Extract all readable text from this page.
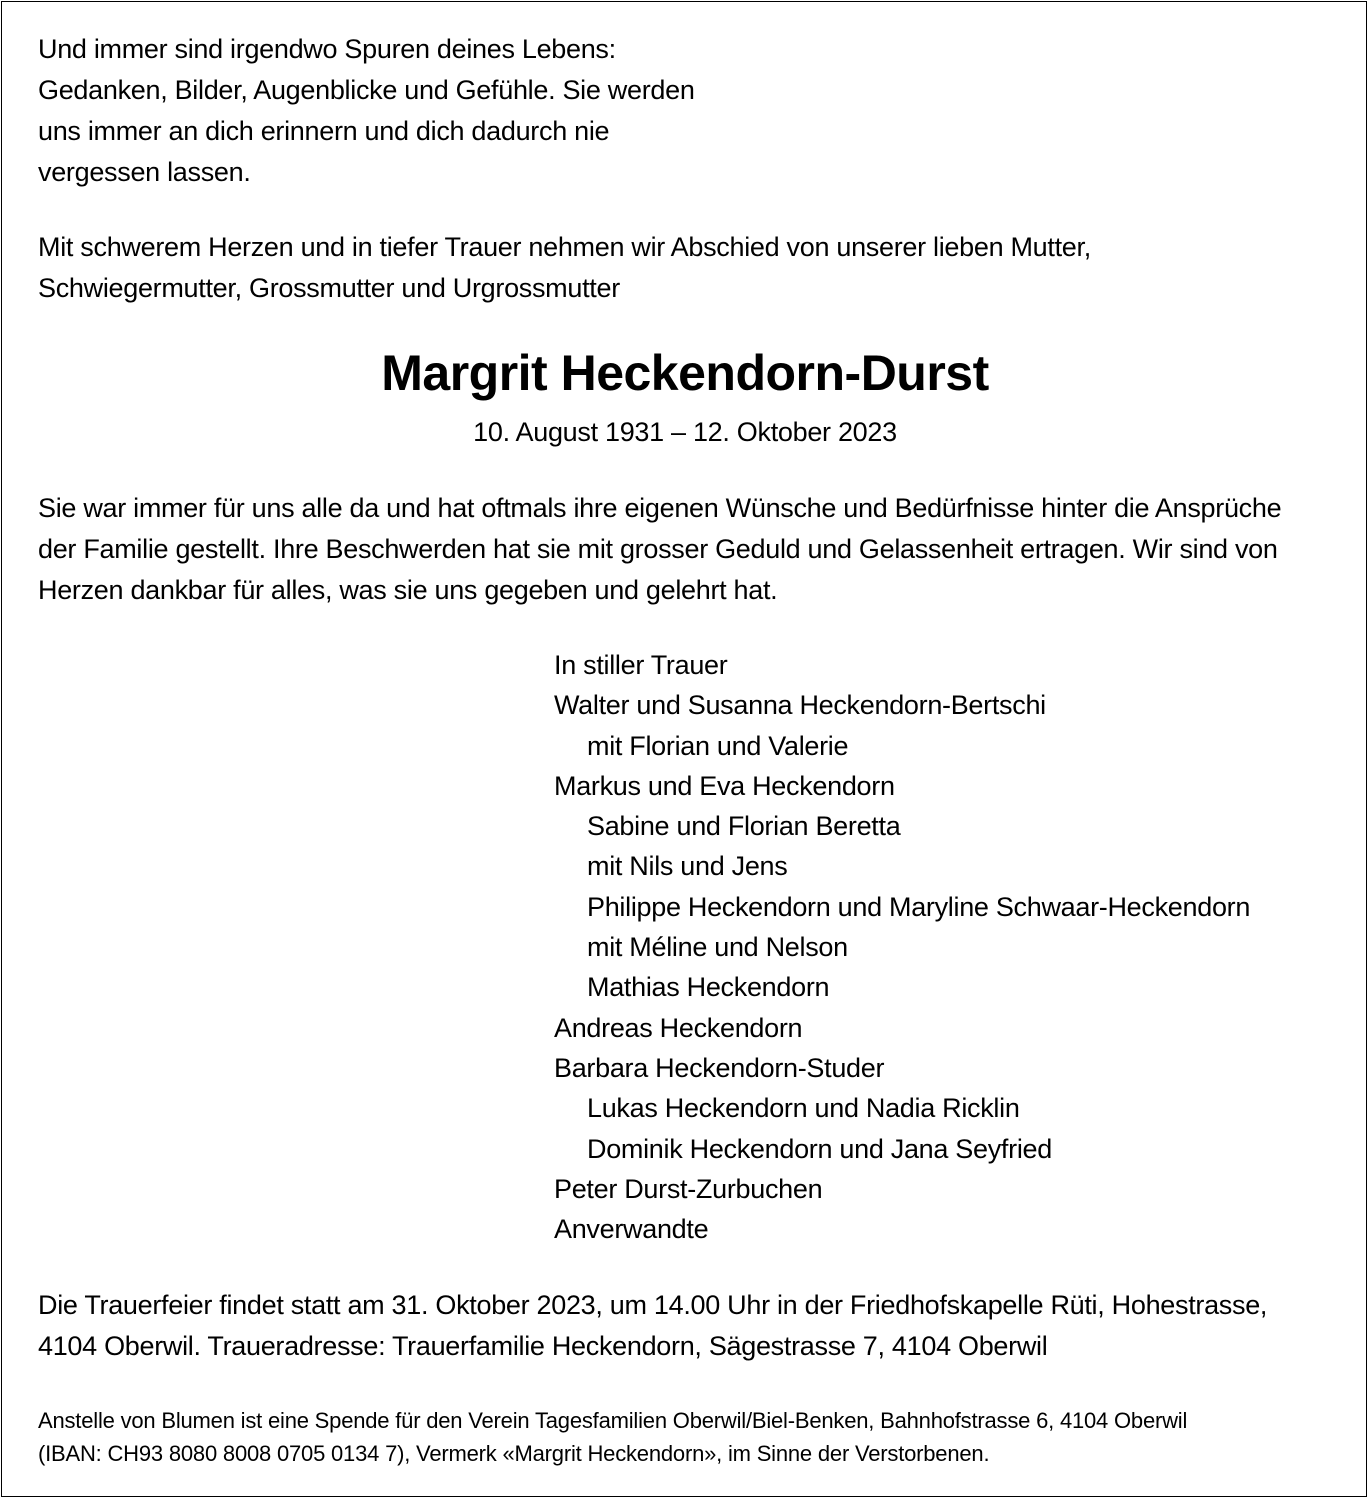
Und immer sind irgendwo Spuren deines Lebens:
Gedanken, Bilder, Augenblicke und Gefühle. Sie werden
uns immer an dich erinnern und dich dadurch nie
vergessen lassen.

Mit schwerem Herzen und in tiefer Trauer nehmen wir Abschied von unserer lieben Mutter,
Schwiegermutter, Grossmutter und Urgrossmutter

Margrit Heckendorn-Durst

10. August 1931 – 12. Oktober 2023

Sie war immer für uns alle da und hat oftmals ihre eigenen Wünsche und Bedürfnisse hinter die Ansprüche
der Familie gestellt. Ihre Beschwerden hat sie mit grosser Geduld und Gelassenheit ertragen. Wir sind von
Herzen dankbar für alles, was sie uns gegeben und gelehrt hat.

In stiller Trauer
Walter und Susanna Heckendorn-Bertschi
mit Florian und Valerie
Markus und Eva Heckendorn
Sabine und Florian Beretta
mit Nils und Jens
Philippe Heckendorn und Maryline Schwaar-Heckendorn
mit Méline und Nelson
Mathias Heckendorn
Andreas Heckendorn
Barbara Heckendorn-Studer
Lukas Heckendorn und Nadia Ricklin
Dominik Heckendorn und Jana Seyfried
Peter Durst-Zurbuchen
Anverwandte

Die Trauerfeier findet statt am 31. Oktober 2023, um 14.00 Uhr in der Friedhofskapelle Rüti, Hohestrasse,
4104 Oberwil. Traueradresse: Trauerfamilie Heckendorn, Sägestrasse 7, 4104 Oberwil

Anstelle von Blumen ist eine Spende für den Verein Tagesfamilien Oberwil/Biel-Benken, Bahnhofstrasse 6, 4104 Oberwil
(IBAN: CH93 8080 8008 0705 0134 7), Vermerk «Margrit Heckendorn», im Sinne der Verstorbenen.
